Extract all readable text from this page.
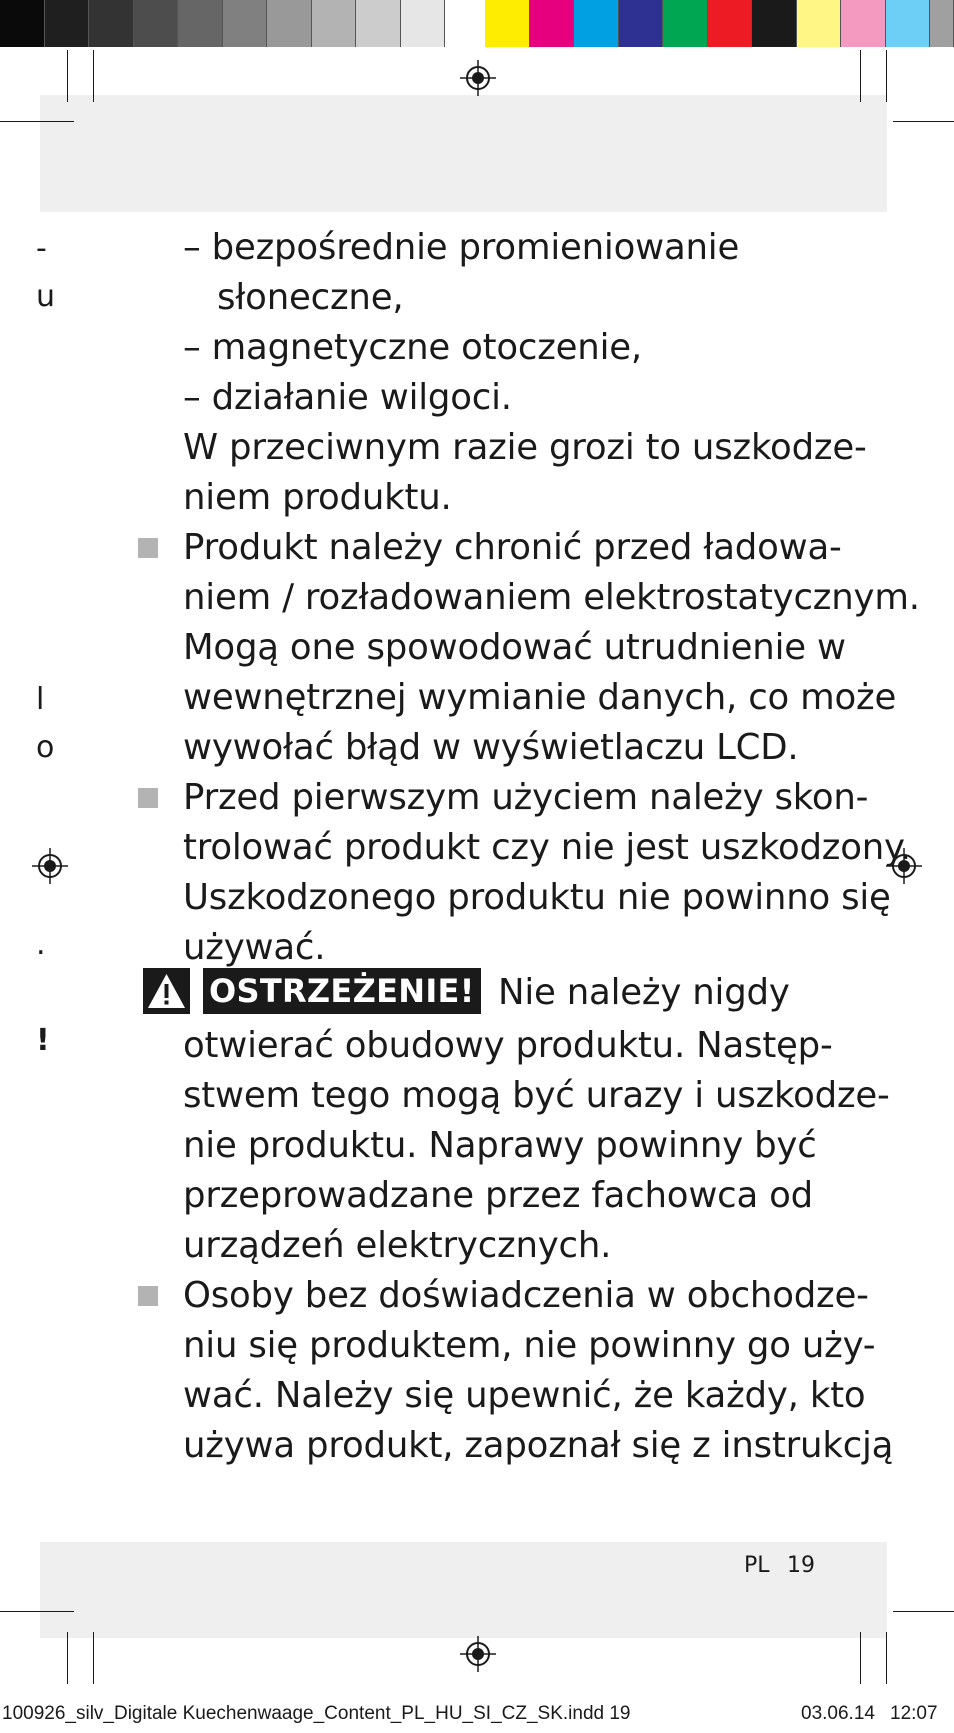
-
u
l
o
.
!
– bezpośrednie promieniowanie
słoneczne,
– magnetyczne otoczenie,
– działanie wilgoci.
W przeciwnym razie grozi to uszkodze-
niem produktu.
Produkt należy chronić przed ładowa-
niem / rozładowaniem elektrostatycznym.
Mogą one spowodować utrudnienie w
wewnętrznej wymianie danych, co może
wywołać błąd w wyświetlaczu LCD.
Przed pierwszym użyciem należy skon-
trolować produkt czy nie jest uszkodzony.
Uszkodzonego produktu nie powinno się
używać.
OSTRZEŻENIE! Nie należy nigdy
otwierać obudowy produktu. Następ-
stwem tego mogą być urazy i uszkodze-
nie produktu. Naprawy powinny być
przeprowadzane przez fachowca od
urządzeń elektrycznych.
Osoby bez doświadczenia w obchodze-
niu się produktem, nie powinny go uży-
wać. Należy się upewnić, że każdy, kto
używa produkt, zapoznał się z instrukcją
PL 19
100926_silv_Digitale Kuechenwaage_Content_PL_HU_SI_CZ_SK.indd 19	03.06.14 12:07
